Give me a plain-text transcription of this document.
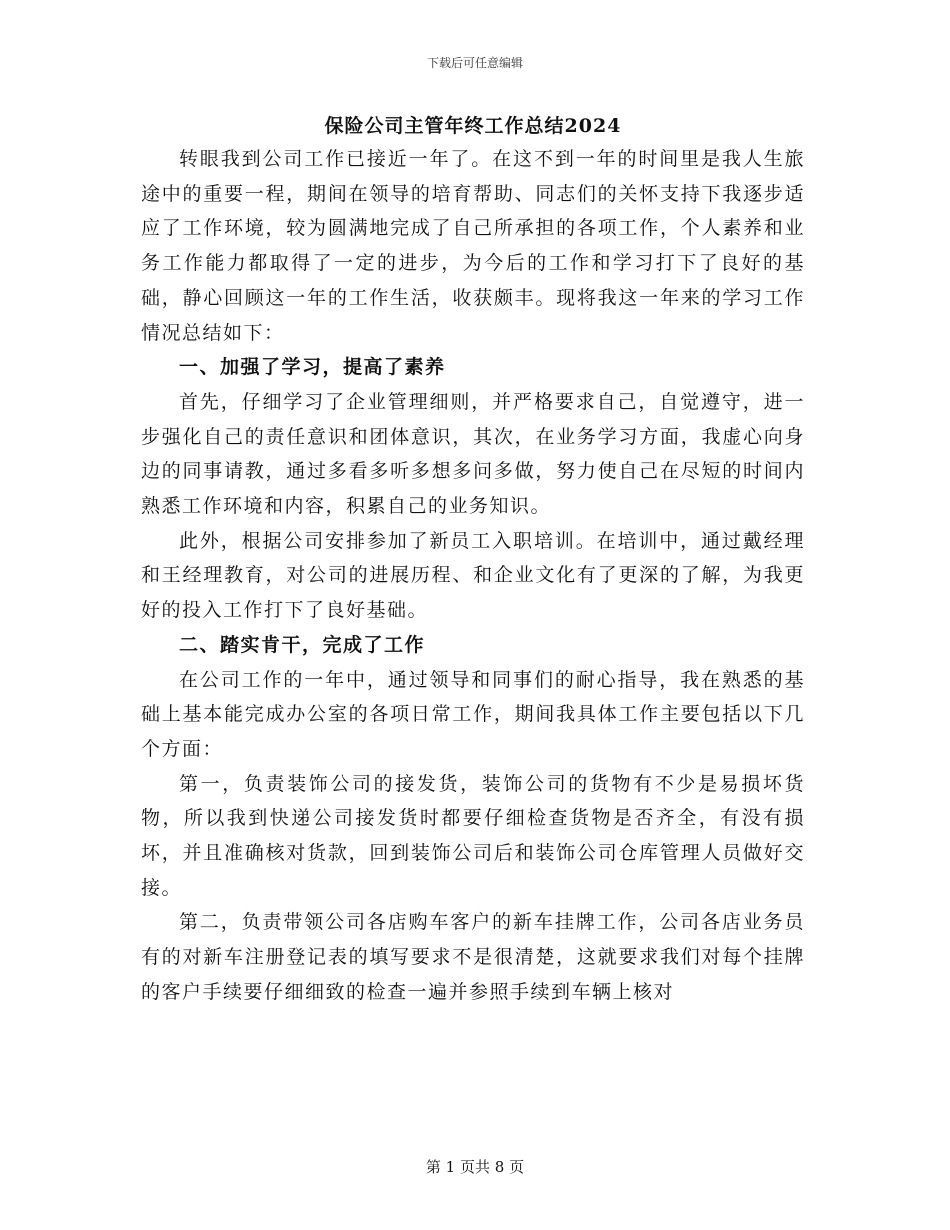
下载后可任意编辑
保险公司主管年终工作总结2024

转眼我到公司工作已接近一年了。在这不到一年的时间里是我人生旅途中的重要一程，期间在领导的培育帮助、同志们的关怀支持下我逐步适应了工作环境，较为圆满地完成了自己所承担的各项工作，个人素养和业务工作能力都取得了一定的进步，为今后的工作和学习打下了良好的基础，静心回顾这一年的工作生活，收获颇丰。现将我这一年来的学习工作情况总结如下：

一、加强了学习，提高了素养

首先，仔细学习了企业管理细则，并严格要求自己，自觉遵守，进一步强化自己的责任意识和团体意识，其次，在业务学习方面，我虚心向身边的同事请教，通过多看多听多想多问多做，努力使自己在尽短的时间内熟悉工作环境和内容，积累自己的业务知识。

此外，根据公司安排参加了新员工入职培训。在培训中，通过戴经理和王经理教育，对公司的进展历程、和企业文化有了更深的了解，为我更好的投入工作打下了良好基础。

二、踏实肯干，完成了工作

在公司工作的一年中，通过领导和同事们的耐心指导，我在熟悉的基础上基本能完成办公室的各项日常工作，期间我具体工作主要包括以下几个方面：

第一，负责装饰公司的接发货，装饰公司的货物有不少是易损坏货物，所以我到快递公司接发货时都要仔细检查货物是否齐全，有没有损坏，并且准确核对货款，回到装饰公司后和装饰公司仓库管理人员做好交接。

第二，负责带领公司各店购车客户的新车挂牌工作，公司各店业务员有的对新车注册登记表的填写要求不是很清楚，这就要求我们对每个挂牌的客户手续要仔细细致的检查一遍并参照手续到车辆上核对

第 1 页共 8 页
